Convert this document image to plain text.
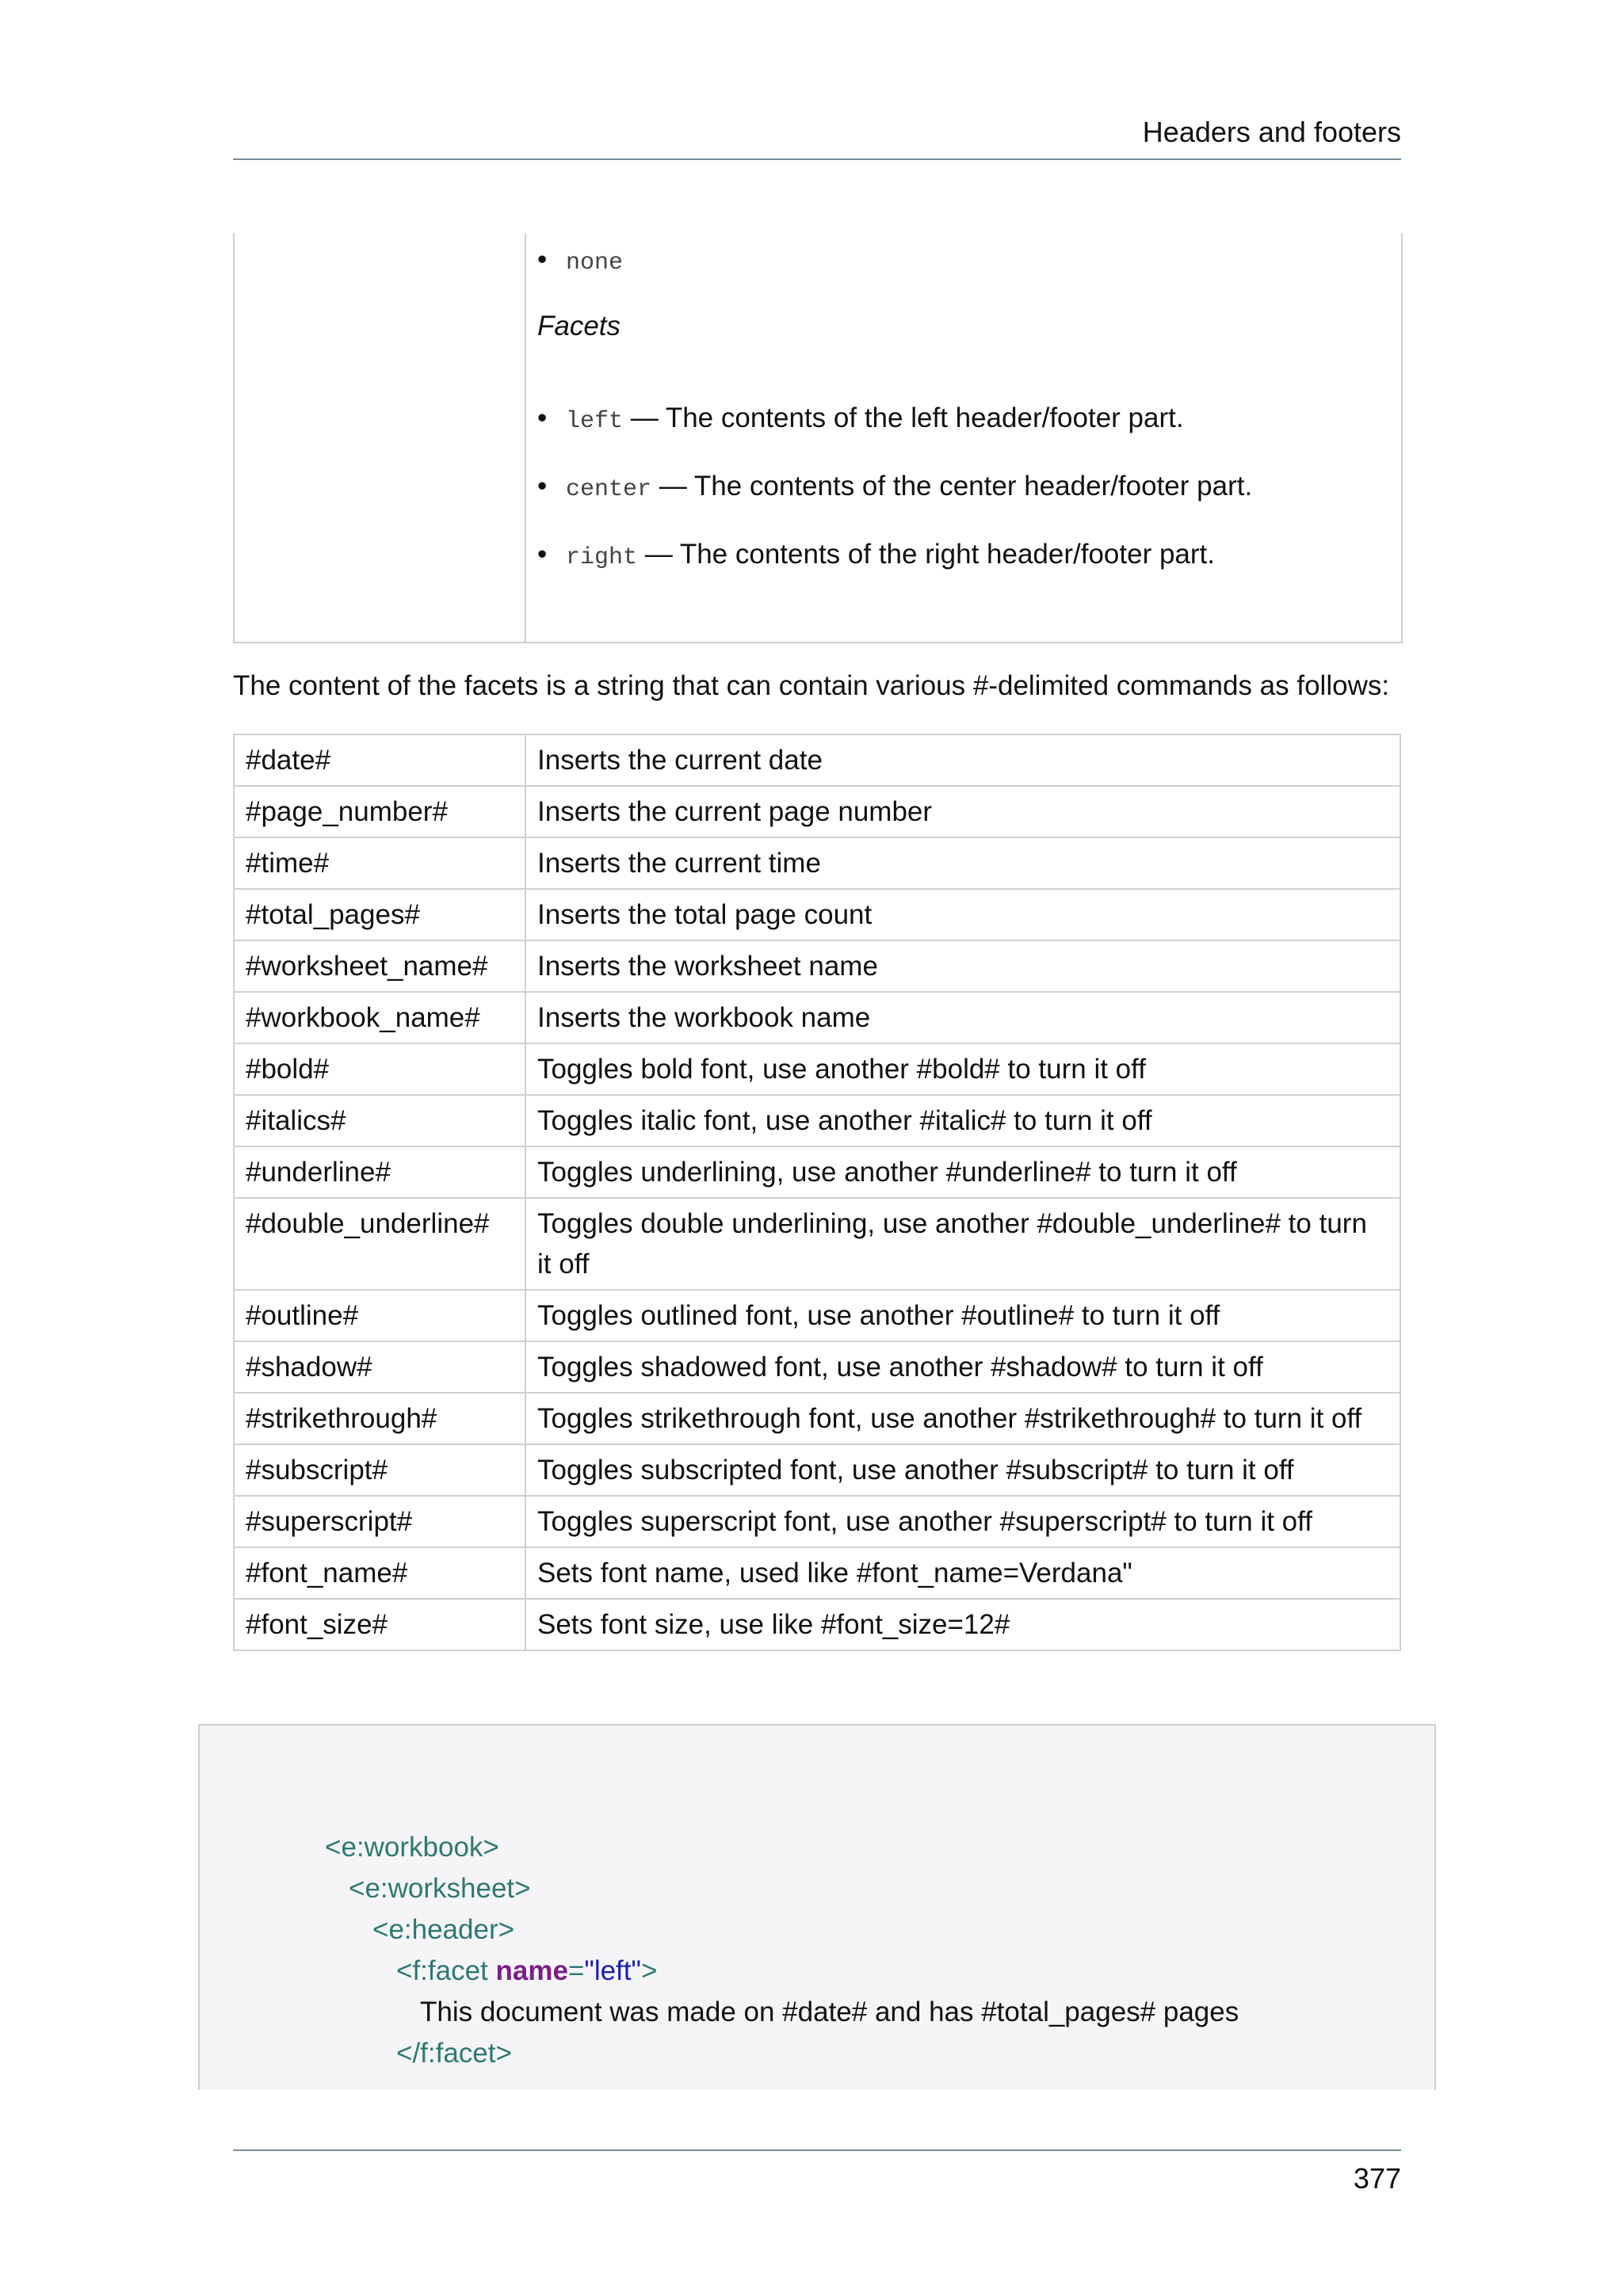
Headers and footers
• none
Facets
• left — The contents of the left header/footer part.
• center — The contents of the center header/footer part.
• right — The contents of the right header/footer part.
The content of the facets is a string that can contain various #-delimited commands as follows:
#date#	Inserts the current date
#page_number#	Inserts the current page number
#time#	Inserts the current time
#total_pages#	Inserts the total page count
#worksheet_name#	Inserts the worksheet name
#workbook_name#	Inserts the workbook name
#bold#	Toggles bold font, use another #bold# to turn it off
#italics#	Toggles italic font, use another #italic# to turn it off
#underline#	Toggles underlining, use another #underline# to turn it off
#double_underline#	Toggles double underlining, use another #double_underline# to turn it off
#outline#	Toggles outlined font, use another #outline# to turn it off
#shadow#	Toggles shadowed font, use another #shadow# to turn it off
#strikethrough#	Toggles strikethrough font, use another #strikethrough# to turn it off
#subscript#	Toggles subscripted font, use another #subscript# to turn it off
#superscript#	Toggles superscript font, use another #superscript# to turn it off
#font_name#	Sets font name, used like #font_name=Verdana"
#font_size#	Sets font size, use like #font_size=12#
<e:workbook>
<e:worksheet>
<e:header>
<f:facet name="left">
This document was made on #date# and has #total_pages# pages
</f:facet>
377
